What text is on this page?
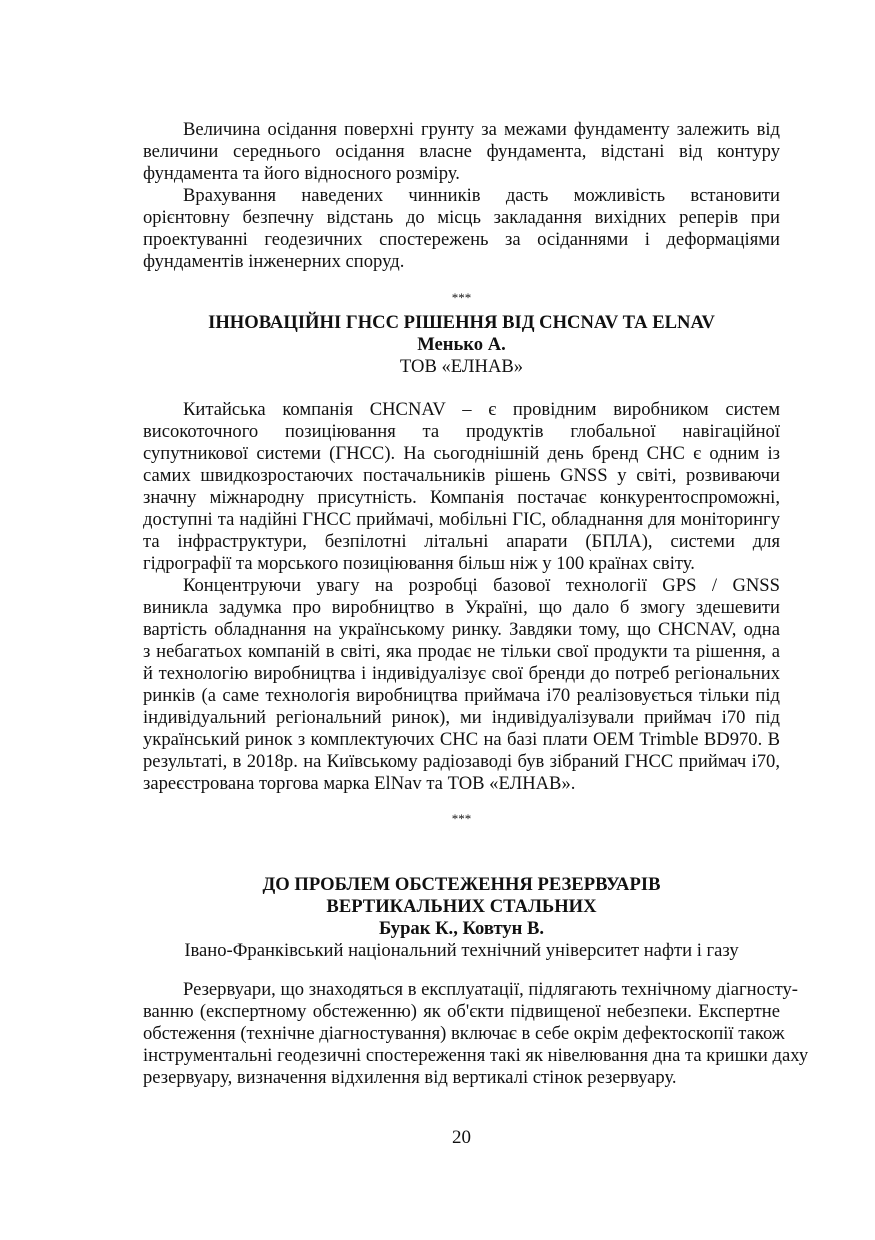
Величина осідання поверхні грунту за межами фундаменту залежить від
величини середнього осідання власне фундамента, відстані від контуру
фундамента та його відносного розміру.
Врахування наведених чинників дасть можливість встановити
орієнтовну безпечну відстань до місць закладання вихідних реперів при
проектуванні геодезичних спостережень за осіданнями і деформаціями
фундаментів інженерних споруд.
***
ІННОВАЦІЙНІ ГНСС РІШЕННЯ ВІД CHCNAV ТА ELNAV
Менько А.
ТОВ «ЕЛНАВ»
Китайська компанія CHCNAV – є провідним виробником систем
високоточного позиціювання та продуктів глобальної навігаційної
супутникової системи (ГНСС). На сьогоднішній день бренд CHC є одним із
самих швидкозростаючих постачальників рішень GNSS у світі, розвиваючи
значну міжнародну присутність. Компанія постачає конкурентоспроможні,
доступні та надійні ГНСС приймачі, мобільні ГІС, обладнання для моніторингу
та інфраструктури, безпілотні літальні апарати (БПЛА), системи для
гідрографії та морського позиціювання більш ніж у 100 країнах світу.
Концентруючи увагу на розробці базової технології GPS / GNSS
виникла задумка про виробництво в Україні, що дало б змогу здешевити
вартість обладнання на українському ринку. Завдяки тому, що CHCNAV, одна
з небагатьох компаній в світі, яка продає не тільки свої продукти та рішення, а
й технологію виробництва і індивідуалізує свої бренди до потреб регіональних
ринків (а саме технологія виробництва приймача і70 реалізовується тільки під
індивідуальний регіональний ринок), ми індивідуалізували приймач і70 під
український ринок з комплектуючих CHC на базі плати OEM Trimble BD970. В
результаті, в 2018р. на Київському радіозаводі був зібраний ГНСС приймач і70,
зареєстрована торгова марка ElNav та ТОВ «ЕЛНАВ».
***
ДО ПРОБЛЕМ ОБСТЕЖЕННЯ РЕЗЕРВУАРІВ
ВЕРТИКАЛЬНИХ СТАЛЬНИХ
Бурак К., Ковтун В.
Івано-Франківський національний технічний університет нафти і газу
Резервуари, що знаходяться в експлуатації, підлягають технічному діагносту-
ванню (експертному обстеженню) як об'єкти підвищеної небезпеки. Експертне
обстеження (технічне діагностування) включає в себе окрім дефектоскопії також
інструментальні геодезичні спостереження такі як нівелювання дна та кришки даху
резервуару, визначення відхилення від вертикалі стінок резервуару.
20
